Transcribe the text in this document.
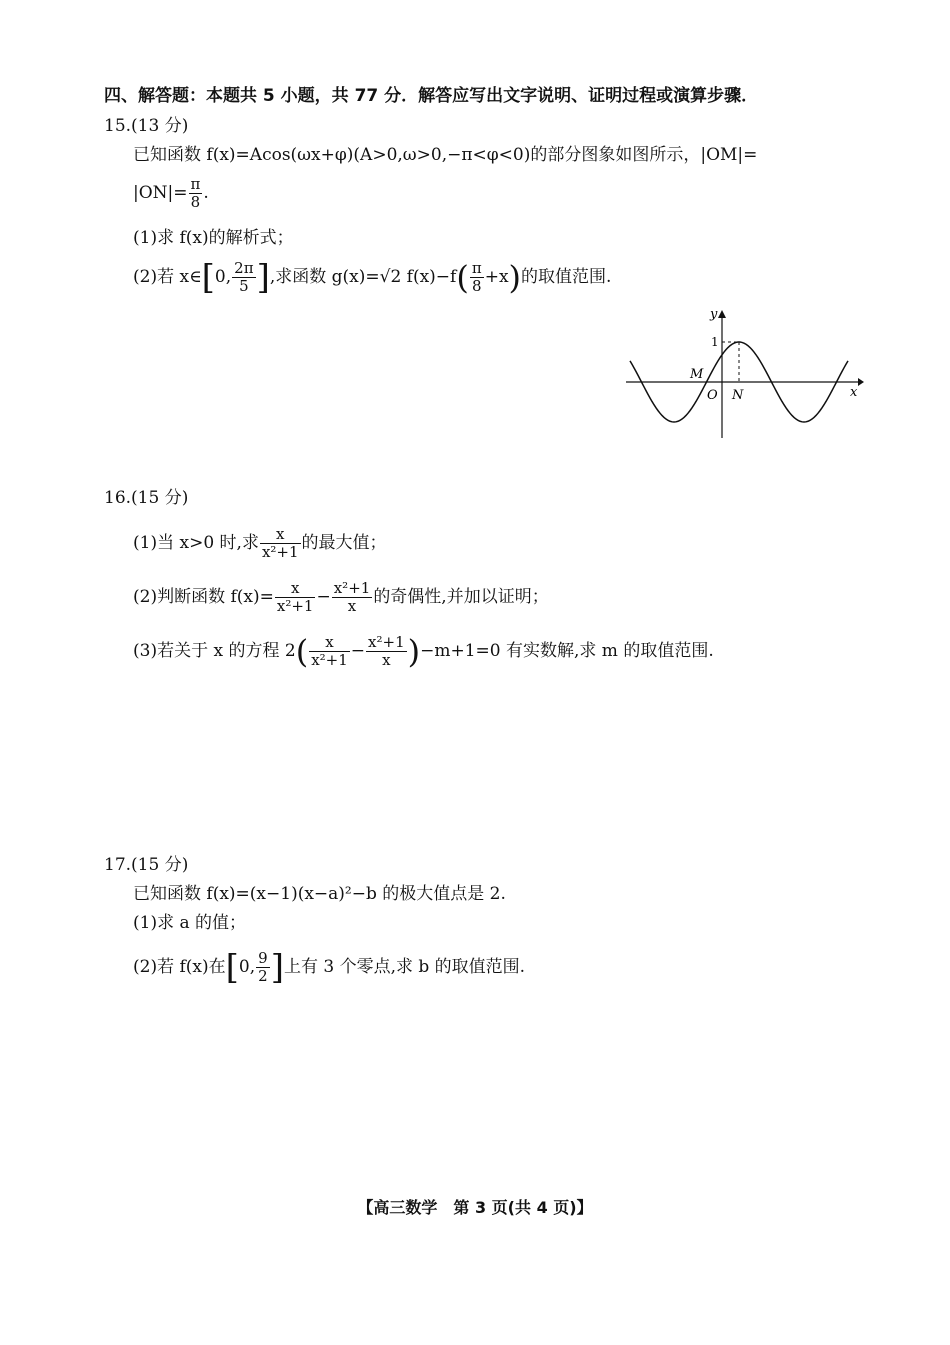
四、解答题：本题共 5 小题，共 77 分．解答应写出文字说明、证明过程或演算步骤．
15.(13 分)
已知函数 f(x)=Acos(ωx+φ)(A>0,ω>0,−π<φ<0)的部分图象如图所示，|OM|=
$|ON|= \frac{\pi}{8}$ .
(1)求 f(x)的解析式；
(2)若 x∈[0, $\frac{2\pi}{5}$ ],求函数 g(x)=√2 $f(x)-f( \frac{\pi}{8} +x)$的取值范围.
y
x
1
M
O N
16.(15 分)
(1)当 x>0 时,求 $\frac{x}{\text{x²+1}}$ 的最大值；
(2)判断函数 $f(x)= \frac{x}{\text{x²+1}} - \frac{\text{x²+1}}{x}$ 的奇偶性,并加以证明；
(3)若关于 x 的方程 $2( \frac{x}{\text{x²+1}} - \frac{\text{x²+1}}{x} )-m+1=0$ 有实数解,求 m 的取值范围.
17.(15 分)
已知函数 f(x)=(x−1)(x−a)²−b 的极大值点是 2.
(1)求 a 的值；
(2)若 f(x)在[0, $\frac{9}{2}$ ]上有 3 个零点,求 b 的取值范围.
【高三数学　第 3 页(共 4 页)】
